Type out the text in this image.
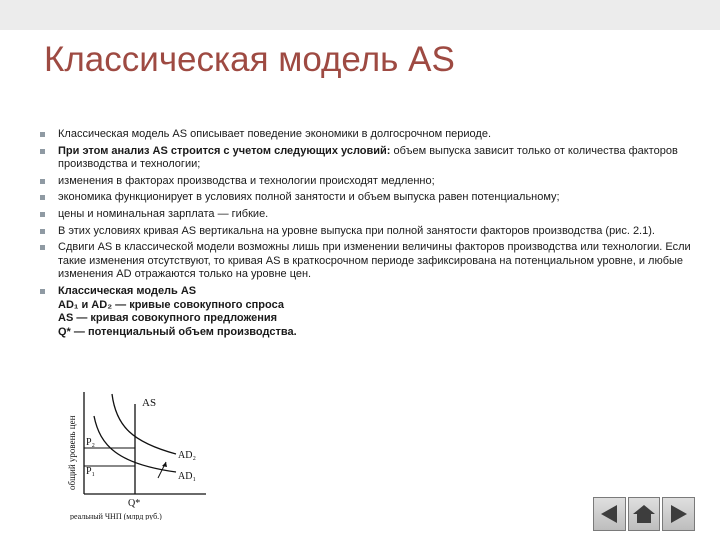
Классическая модель AS
Классическая модель AS описывает поведение экономики в долгосрочном периоде.
При этом анализ AS строится с учетом следующих условий: объем выпуска зависит только от количества факторов производства и технологии;
изменения в факторах производства и технологии происходят медленно;
экономика функционирует в условиях полной занятости и объем выпуска равен потенциальному;
цены и номинальная зарплата — гибкие.
В этих условиях кривая AS вертикальна на уровне выпуска при полной занятости факторов производства (рис. 2.1).
Сдвиги AS в классической модели возможны лишь при изменении величины факторов производства или технологии. Если такие изменения отсутствуют, то кривая AS в краткосрочном периоде зафиксирована на потенциальном уровне, и любые изменения AD отражаются только на уровне цен.
Классическая модель AS
AD₁ и AD₂ — кривые совокупного спроса
AS — кривая совокупного предложения
Q* — потенциальный объем производства.
общий уровень цен
AS
P₂
P₁
AD₂
AD₁
Q*
реальный ЧНП (млрд руб.)
